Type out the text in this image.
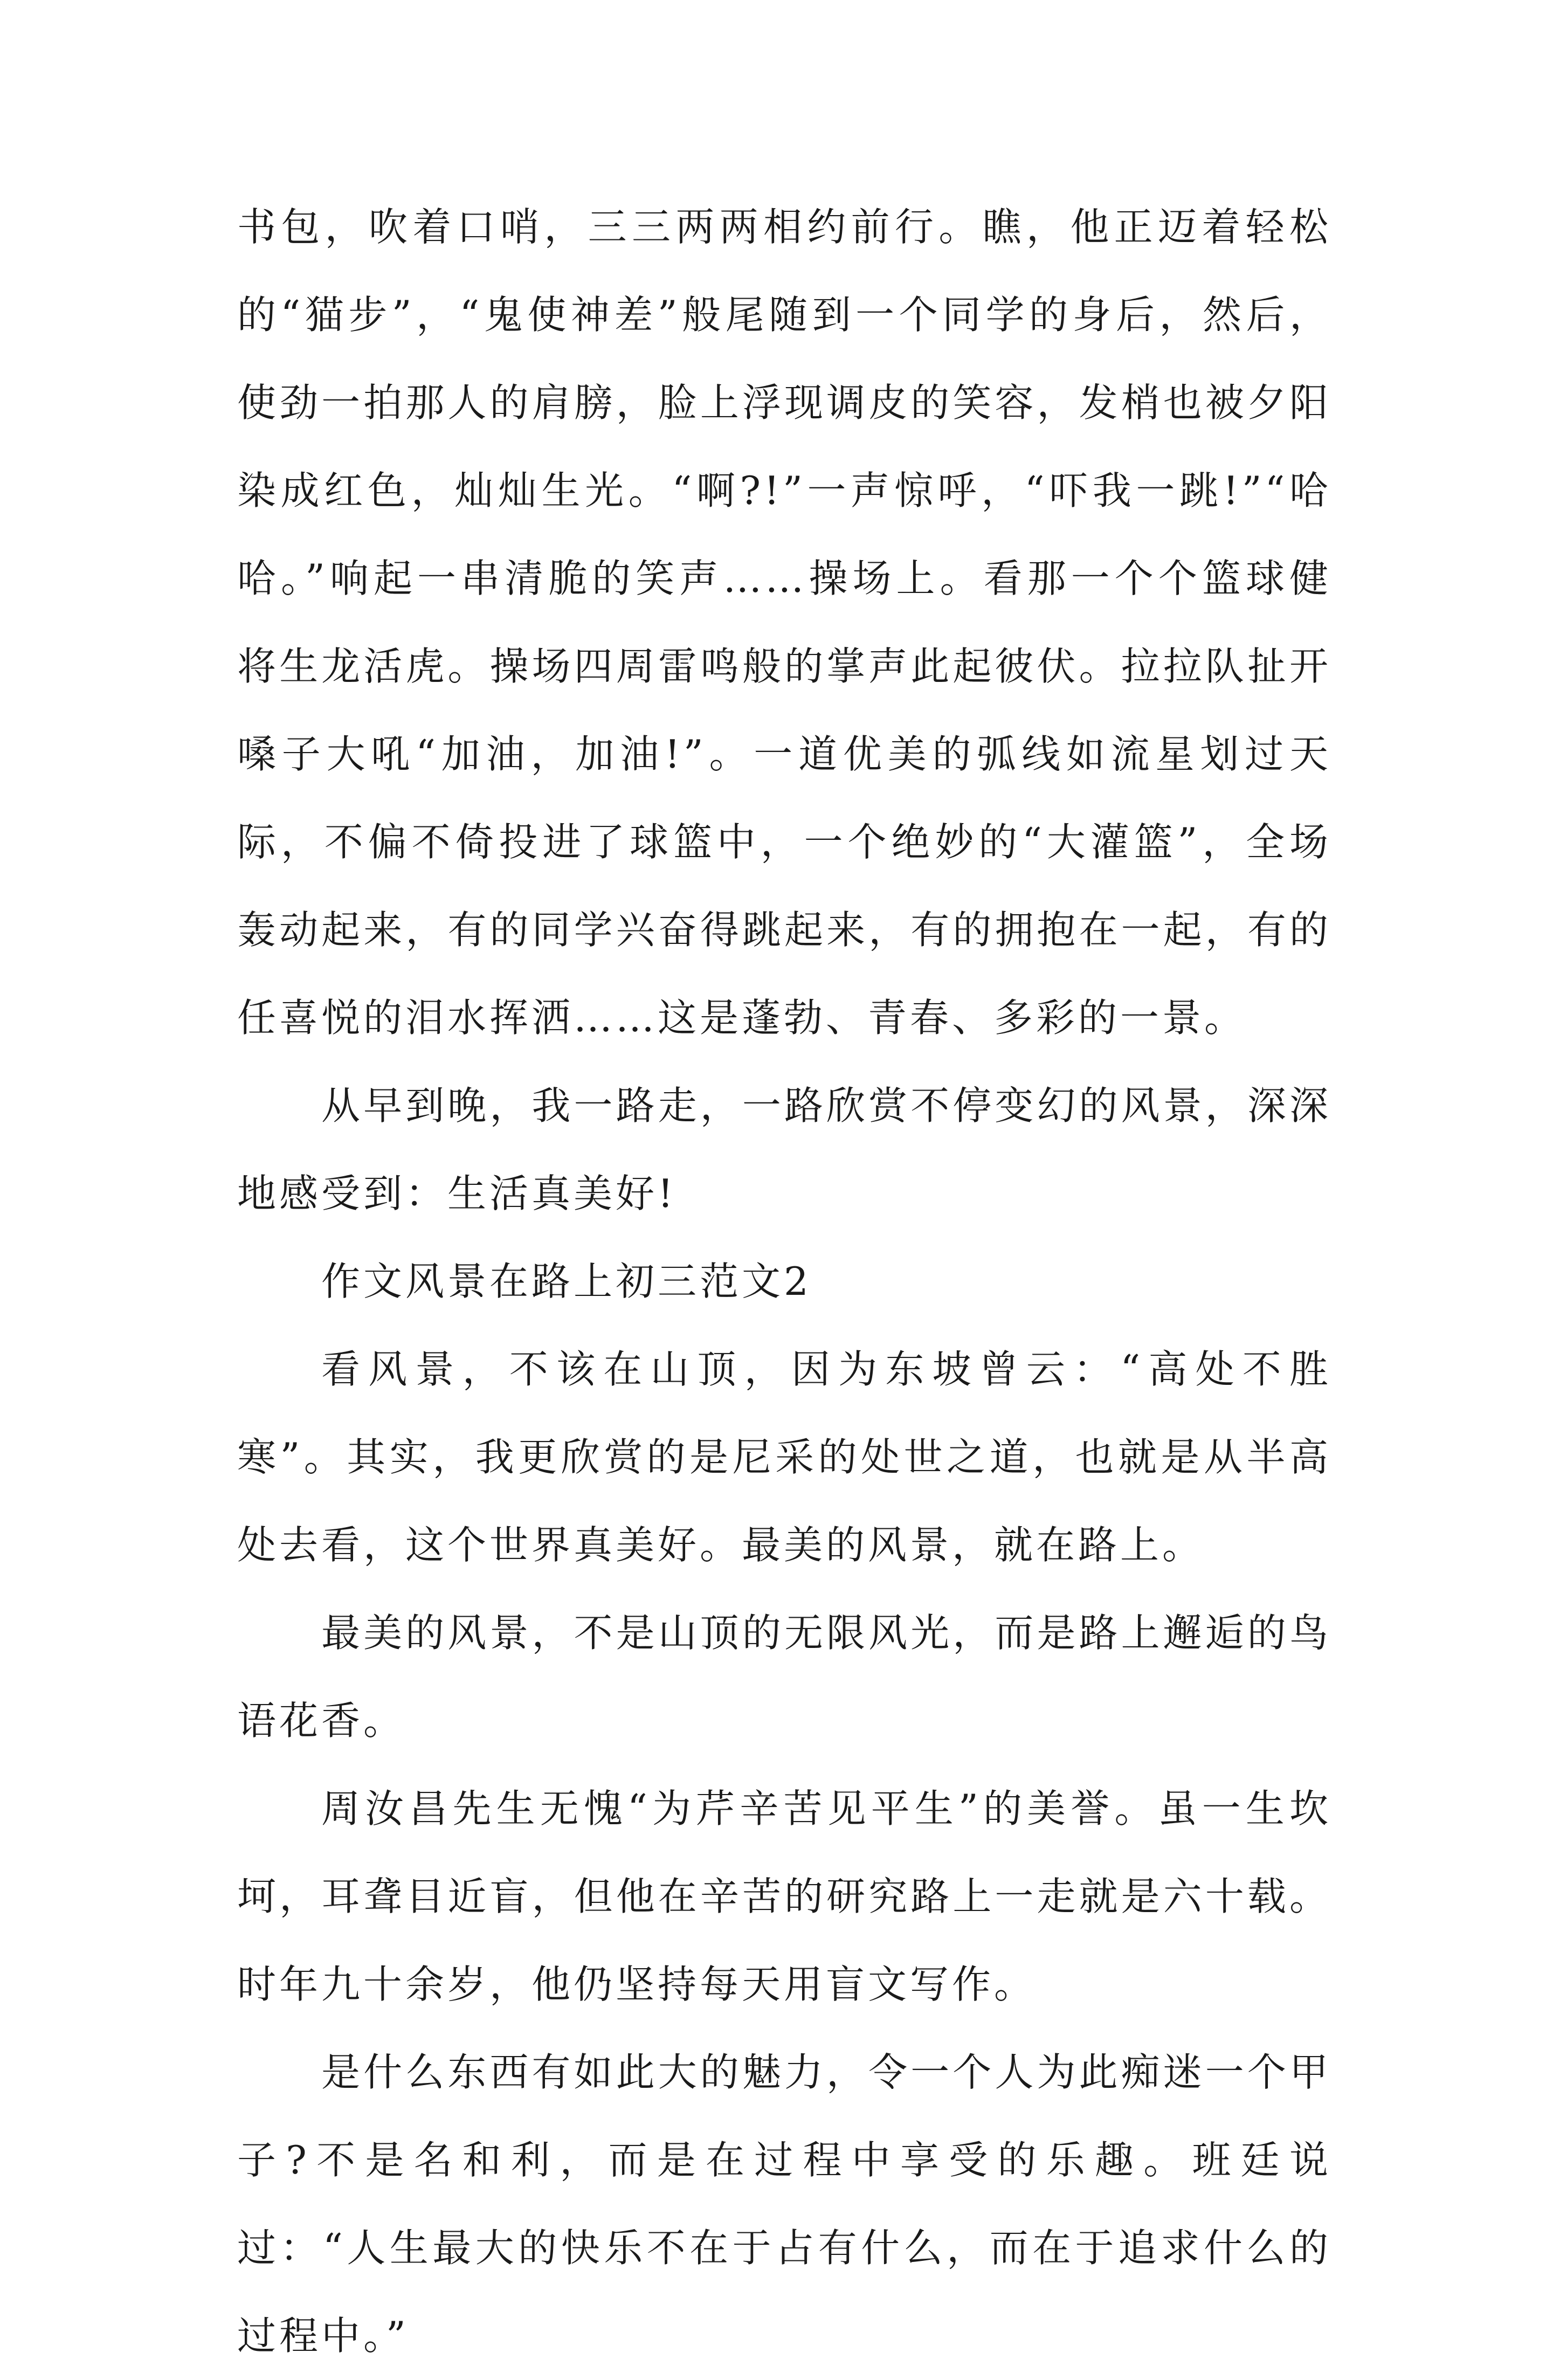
书包，吹着口哨，三三两两相约前行。瞧，他正迈着轻松的“猫步”，“鬼使神差”般尾随到一个同学的身后，然后，使劲一拍那人的肩膀，脸上浮现调皮的笑容，发梢也被夕阳染成红色，灿灿生光。“啊?!”一声惊呼，“吓我一跳!”“哈哈。”响起一串清脆的笑声……操场上。看那一个个篮球健将生龙活虎。操场四周雷鸣般的掌声此起彼伏。拉拉队扯开嗓子大吼“加油，加油!”。一道优美的弧线如流星划过天际，不偏不倚投进了球篮中，一个绝妙的“大灌篮”，全场轰动起来，有的同学兴奋得跳起来，有的拥抱在一起，有的任喜悦的泪水挥洒……这是蓬勃、青春、多彩的一景。

从早到晚，我一路走，一路欣赏不停变幻的风景，深深地感受到：生活真美好!

作文风景在路上初三范文2

看风景，不该在山顶，因为东坡曾云：“高处不胜寒”。其实，我更欣赏的是尼采的处世之道，也就是从半高处去看，这个世界真美好。最美的风景，就在路上。

最美的风景，不是山顶的无限风光，而是路上邂逅的鸟语花香。

周汝昌先生无愧“为芹辛苦见平生”的美誉。虽一生坎坷，耳聋目近盲，但他在辛苦的研究路上一走就是六十载。时年九十余岁，他仍坚持每天用盲文写作。

是什么东西有如此大的魅力，令一个人为此痴迷一个甲子?不是名和利，而是在过程中享受的乐趣。班廷说过：“人生最大的快乐不在于占有什么，而在于追求什么的过程中。”
